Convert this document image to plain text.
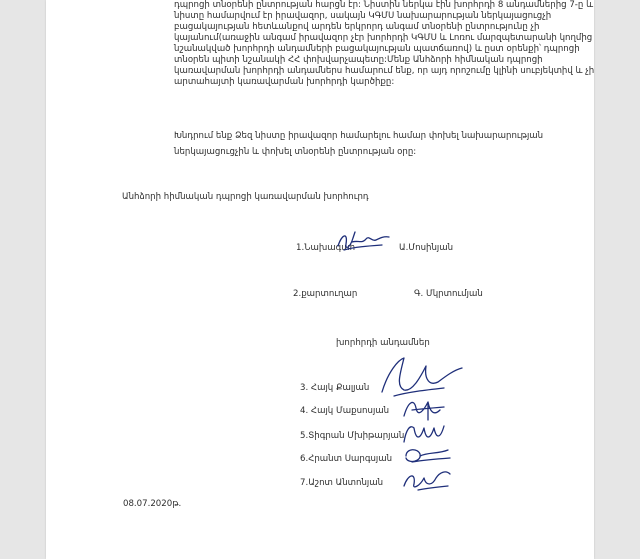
դպրոցի տնօրենի ընտրության հարցն էր: Նիստին ներկա էին խորհրդի 8 անդամներից 7-ը և
նիստը համարվում էր իրավազոր, սակայն ԿԳՄՍ նախարարության ներկայացուցչի
բացակայության հետևանքով արդեն երկրորդ անգամ տնօրենի ընտրությունը չի
կայանում(առաջին անգամ իրավազոր չէր խորհրդի ԿԳՄՍ և Լոռու մարզպետարանի կողմից
նշանակված խորհրդի անդամների բացակայության պատճառով) և ըստ օրենքի՝ դպրոցի
տնօրեն պիտի նշանակի ՀՀ փոխվարչապետը:Մենք Անհձորի հիմնական դպրոցի
կառավարման խորհրդի անդամներս համարում ենք, որ այդ որոշումը կլինի սուբյեկտիվ և չի
արտահայտի կառավարման խորհրդի կարծիքը:
Խնդրում ենք Ձեզ նիստը իրավազոր համարելու համար փոխել նախարարության
ներկայացուցչին և փոխել տնօրենի ընտրության օրը:
Անհձորի հիմնական դպրոցի կառավարման խորհուրդ
1.Նախագահ	Ա.Մոսինյան
2.քարտուղար	Գ. Մկրտումյան
խորհրդի անդամներ
3. Հայկ Քալյան
4. Հայկ Մաքսոսյան
5.Տիգրան Մխիթարյան
6.Հրանտ Սարգսյան
7.Աշոտ Անտոնյան
08.07.2020թ.
